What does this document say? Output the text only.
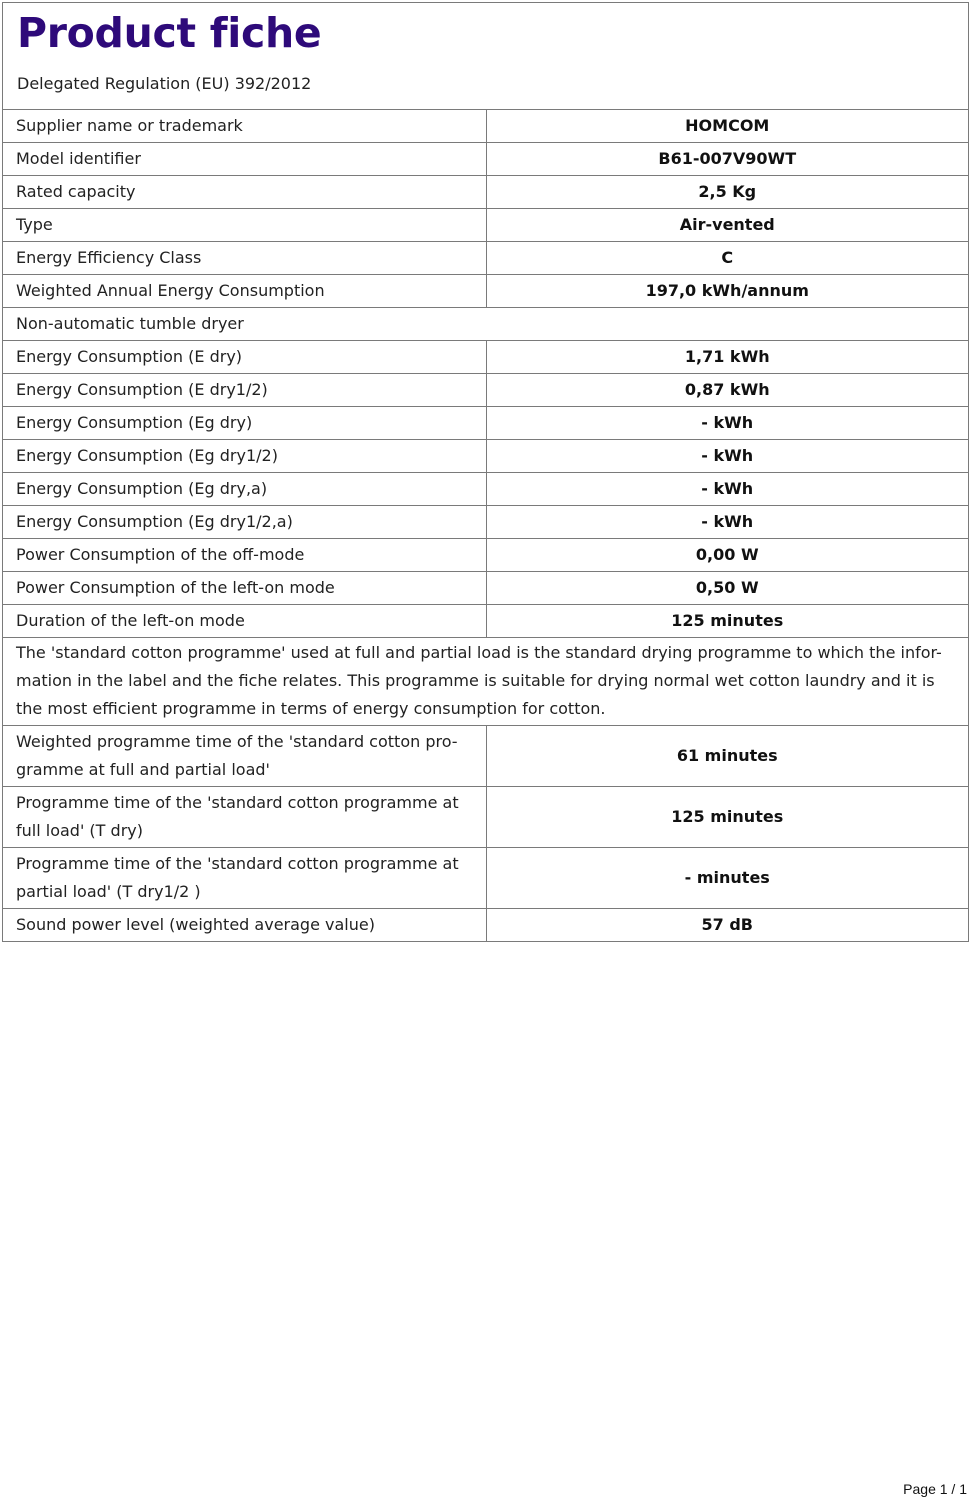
Product fiche
Delegated Regulation (EU) 392/2012
Supplier name or trademark	HOMCOM
Model identifier	B61-007V90WT
Rated capacity	2,5 Kg
Type	Air-vented
Energy Efficiency Class	C
Weighted Annual Energy Consumption	197,0 kWh/annum
Non-automatic tumble dryer	
Energy Consumption (E dry)	1,71 kWh
Energy Consumption (E dry1/2)	0,87 kWh
Energy Consumption (Eg dry)	- kWh
Energy Consumption (Eg dry1/2)	- kWh
Energy Consumption (Eg dry,a)	- kWh
Energy Consumption (Eg dry1/2,a)	- kWh
Power Consumption of the off-mode	0,00 W
Power Consumption of the left-on mode	0,50 W
Duration of the left-on mode	125 minutes
The 'standard cotton programme' used at full and partial load is the standard drying programme to which the infor-mation in the label and the fiche relates. This programme is suitable for drying normal wet cotton laundry and it is the most efficient programme in terms of energy consumption for cotton.	
Weighted programme time of the 'standard cotton pro-gramme at full and partial load'	61 minutes
Programme time of the 'standard cotton programme at full load' (T dry)	125 minutes
Programme time of the 'standard cotton programme at partial load' (T dry1/2 )	- minutes
Sound power level (weighted average value)	57 dB
Page 1 / 1
